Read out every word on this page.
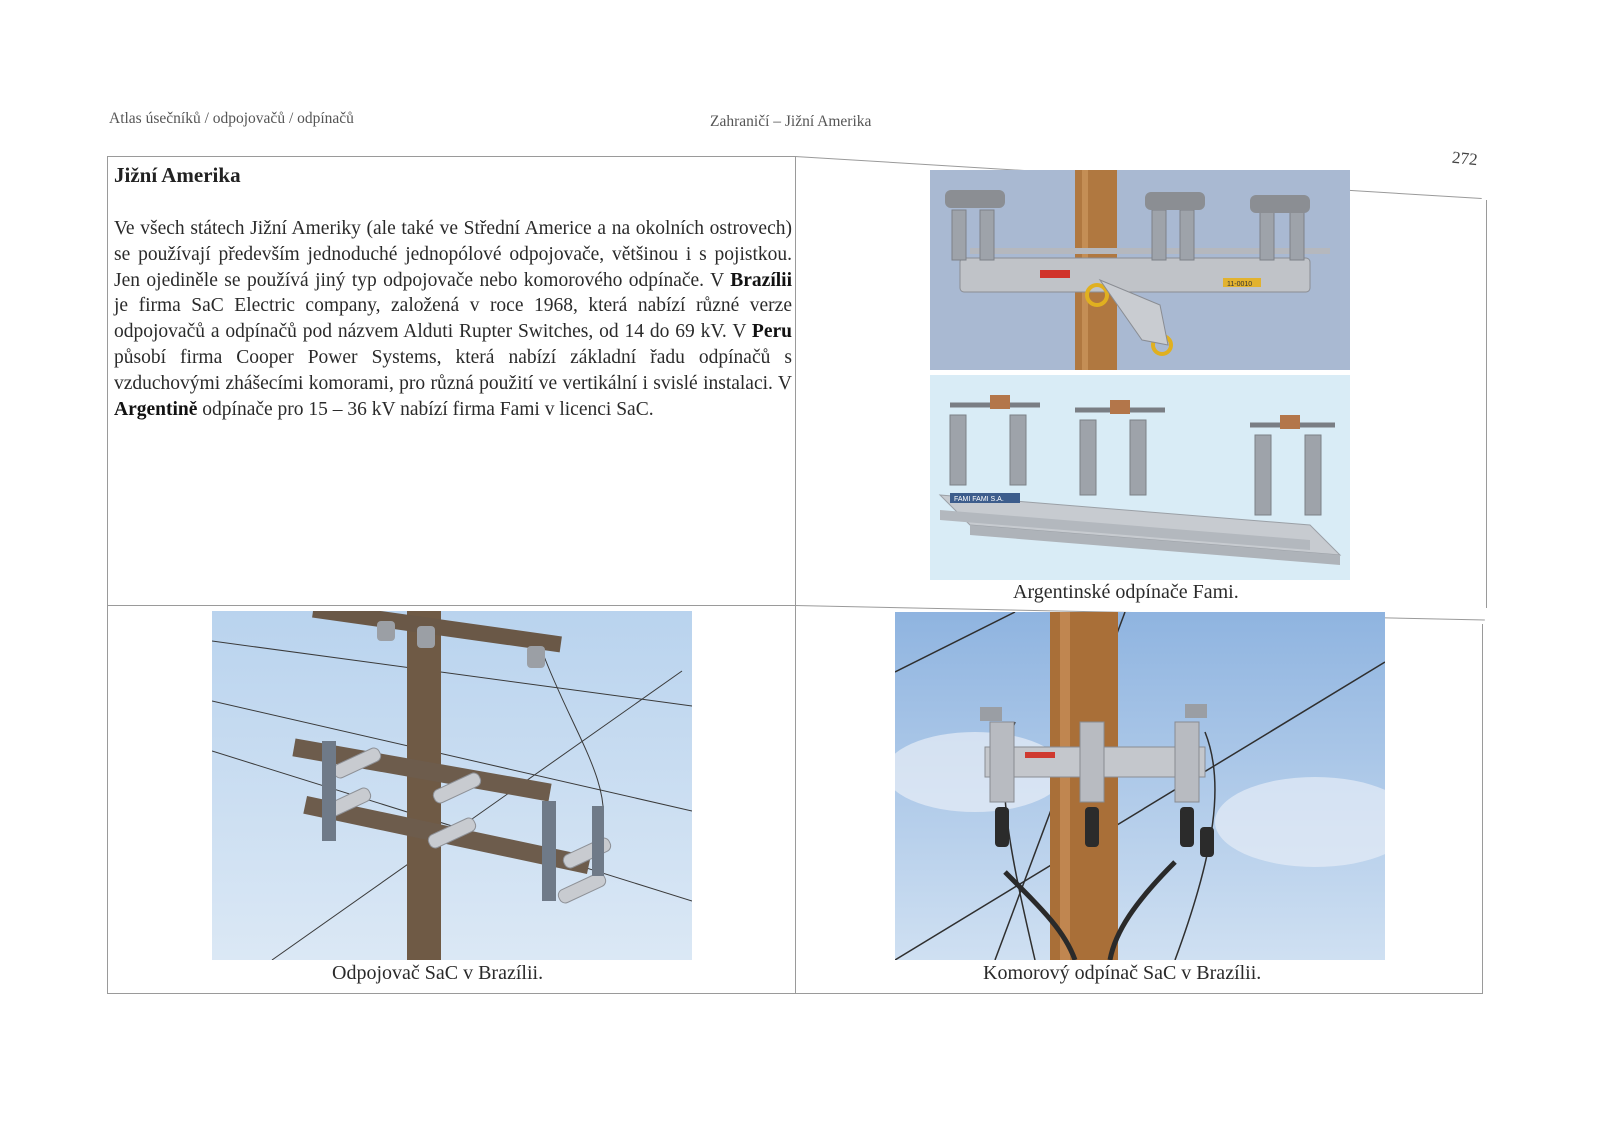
Atlas úsečníků / odpojovačů / odpínačů	Zahraničí – Jižní Amerika
272
Jižní Amerika
Ve všech státech Jižní Ameriky (ale také ve Střední Americe a na okolních ostrovech) se používají především jednoduché jednopólové odpojovače, většinou i s pojistkou. Jen ojediněle se používá jiný typ odpojovače nebo komorového odpínače. V Brazílii je firma SaC Electric company, založená v roce 1968, která nabízí různé verze odpojovačů a odpínačů pod názvem Alduti Rupter Switches, od 14 do 69 kV. V Peru působí firma Cooper Power Systems, která nabízí základní řadu odpínačů s vzduchovými zhášecími komorami, pro různá použití ve vertikální i svislé instalaci. V Argentině odpínače pro 15 – 36 kV nabízí firma Fami v licenci SaC.
11-0010
FAMI FAMI S.A.
Argentinské odpínače Fami.
Odpojovač SaC v Brazílii.	Komorový odpínač SaC v Brazílii.
